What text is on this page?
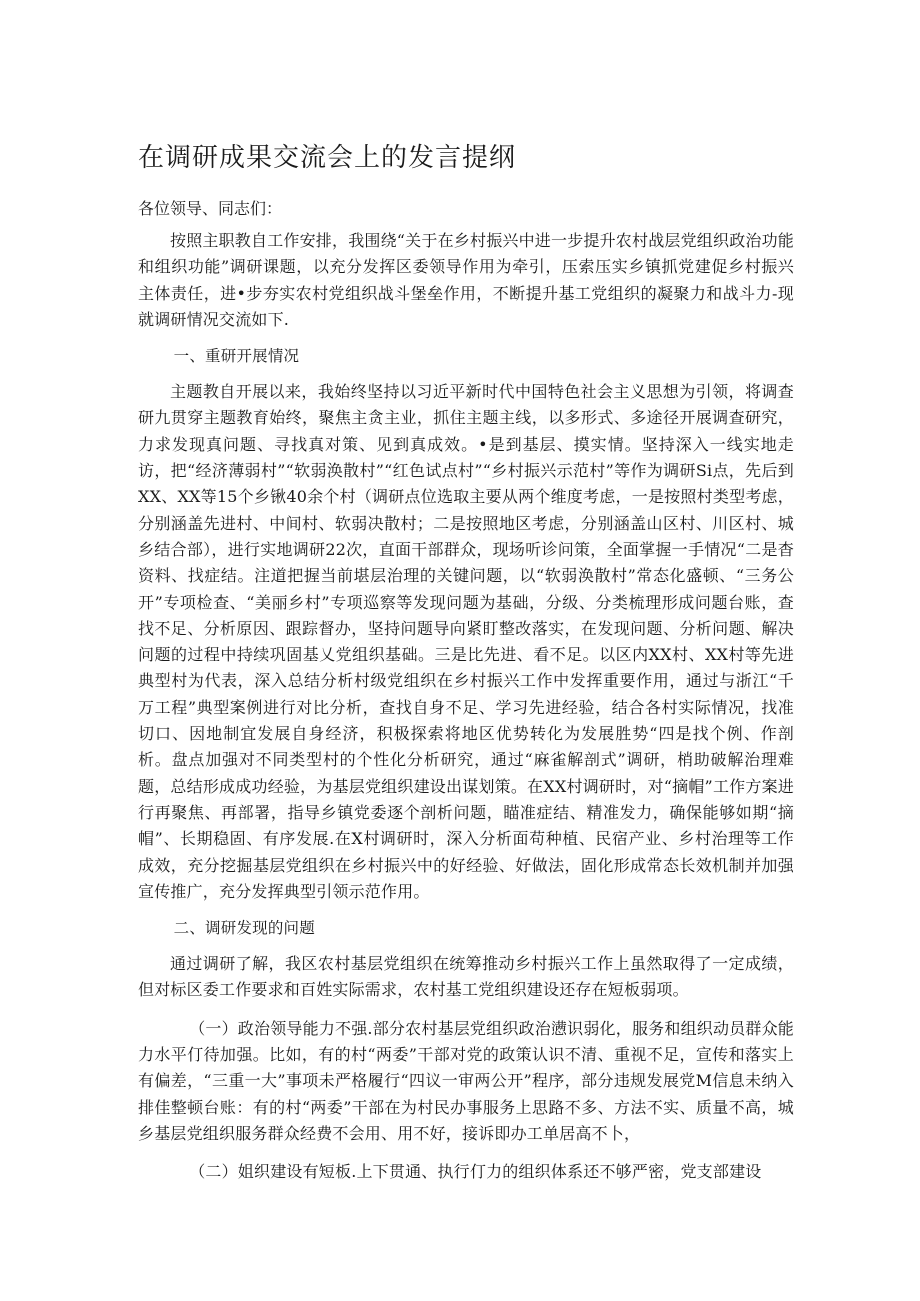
在调研成果交流会上的发言提纲

各位领导、同志们：

按照主职教自工作安排，我围绕“关于在乡村振兴中进一步提升农村战层党组织政治功能和组织功能”调研课题，以充分发挥区委领导作用为牵引，压索压实乡镇抓党建促乡村振兴主体责任，进•步夯实农村党组织战斗堡垒作用，不断提升基工党组织的凝聚力和战斗力-现就调研情况交流如下.

一、重研开展情况

主题教自开展以来，我始终坚持以习近平新时代中国特色社会主义思想为引领，将调查研九贯穿主题教育始终，聚焦主贪主业，抓住主题主线，以多形式、多途径开展调查研究，力求发现真问题、寻找真对策、见到真成效。•是到基层、摸实情。坚持深入一线实地走访，把“经济薄弱村”“软弱涣散村”“红色试点村”“乡村振兴示范村”等作为调研Si点，先后到XX、XX等15个乡锹40余个村（调研点位选取主要从两个维度考虑，一是按照村类型考虑，分别涵盖先进村、中间村、软弱决散村；二是按照地区考虑，分别涵盖山区村、川区村、城乡结合部），进行实地调研22次，直面干部群众，现场听诊问策，全面掌握一手情况“二是杳资料、找症结。注道把握当前堪层治理的关键问题，以“软弱涣散村”常态化盛顿、“三务公开”专项检查、“美丽乡村”专项巡察等发现问题为基础，分级、分类梳理形成问题台账，查找不足、分析原因、跟踪督办，坚持问题导向紧盯整改落实，在发现问题、分析问题、解决问题的过程中持续巩固基乂党组织基础。三是比先进、看不足。以区内XX村、XX村等先进典型村为代表，深入总结分析村级党组织在乡村振兴工作中发挥重要作用，通过与浙江“千万工程”典型案例进行对比分析，查找自身不足、学习先进经验，结合各村实际情况，找准切口、因地制宜发展自身经济，积极探索将地区优势转化为发展胜势“四是找个例、作剖析。盘点加强对不同类型村的个性化分析研究，通过“麻雀解剖式”调研，梢助破解治理难题，总结形成成功经验，为基层党组织建设出谋划策。在XX村调研时，对“摘帽”工作方案进行再聚焦、再部署，指导乡镇党委逐个剖析问题，瞄准症结、精准发力，确保能够如期“摘帽”、长期稳固、有序发展.在X村调研时，深入分析面苟种植、民宿产业、乡村治理等工作成效，充分挖掘基层党组织在乡村振兴中的好经验、好做法，固化形成常态长效机制并加强宣传推广，充分发挥典型引领示范作用。

二、调研发现的问题

通过调研了解，我区农村基层党组织在统筹推动乡村振兴工作上虽然取得了一定成绩，但对标区委工作要求和百姓实际需求，农村基工党组织建设还存在短板弱项。

（一）政治领导能力不强.部分农村基层党组织政治懑识弱化，服务和组织动员群众能力水平仃待加强。比如，有的村“两委”干部对党的政策认识不清、重视不足，宣传和落实上有偏差，“三重一大”事项未严格履行“四议一审两公开”程序，部分违规发展党M信息未纳入排佳整顿台账：有的村“两委”干部在为村民办事服务上思路不多、方法不实、质量不高，城乡基层党组织服务群众经费不会用、用不好，接诉即办工单居高不卜，

（二）姐织建设有短板.上下贯通、执行仃力的组织体系还不够严密，党支部建设
